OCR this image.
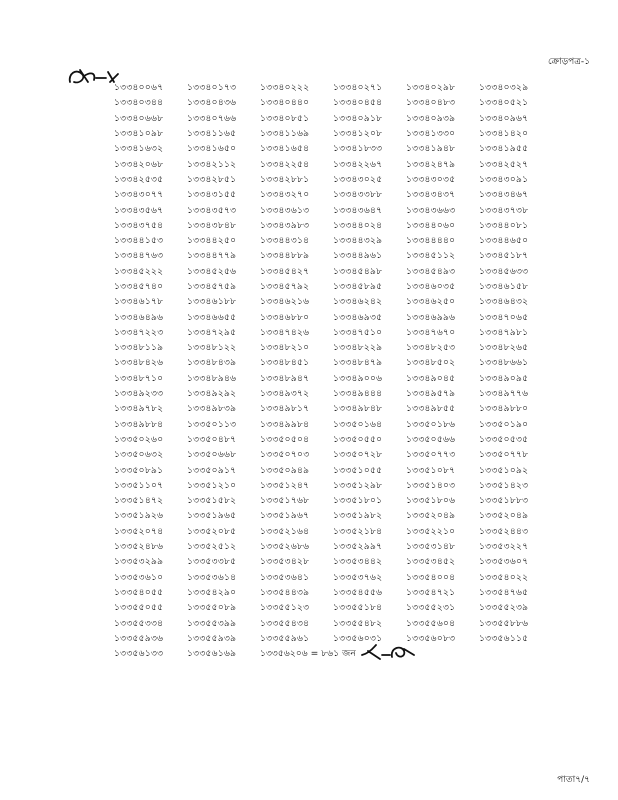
ক্রোড়পত্র-১
১৩৩৪০০৬৭	১৩৩৪০১৭৩	১৩৩৪০২২২	১৩৩৪০২৭১	১৩৩৪০২৯৮	১৩৩৪০৩২৯
১৩৩৪০৩৪৪	১৩৩৪০৪৩৬	১৩৩৪০৪৪০	১৩৩৪০৪৫৪	১৩৩৪০৪৮৩	১৩৩৪০৫২১
১৩৩৪০৬৬৮	১৩৩৪০৭৬৬	১৩৩৪০৮৫১	১৩৩৪০৯১৮	১৩৩৪০৯৩৯	১৩৩৪০৯৬৭
১৩৩৪১০৯৮	১৩৩৪১১৬৫	১৩৩৪১১৬৯	১৩৩৪১২০৮	১৩৩৪১৩৩০	১৩৩৪১৪২০
১৩৩৪১৬৩২	১৩৩৪১৬৫০	১৩৩৪১৬৫৪	১৩৩৪১৮৩৩	১৩৩৪১৯৪৮	১৩৩৪১৯৫৫
১৩৩৪২০৬৮	১৩৩৪২১১২	১৩৩৪২২৫৪	১৩৩৪২২৬৭	১৩৩৪২৪৭৯	১৩৩৪২৫২৭
১৩৩৪২৫৩৫	১৩৩৪২৮৫১	১৩৩৪২৮৮১	১৩৩৪৩০২৫	১৩৩৪৩০৩৫	১৩৩৪৩০৯১
১৩৩৪৩০৭৭	১৩৩৪৩১৫৫	১৩৩৪৩২৭০	১৩৩৪৩৩৮৮	১৩৩৪৩৪৩৭	১৩৩৪৩৪৬৭
১৩৩৪৩৫৬৭	১৩৩৪৩৫৭৩	১৩৩৪৩৬১৩	১৩৩৪৩৬৪৭	১৩৩৪৩৬৬৩	১৩৩৪৩৭৩৮
১৩৩৪৩৭৫৪	১৩৩৪৩৮৪৮	১৩৩৪৩৯৮৩	১৩৩৪৪০২৪	১৩৩৪৪০৬০	১৩৩৪৪০৮১
১৩৩৪৪১৫৩	১৩৩৪৪২৫০	১৩৩৪৪৩১৪	১৩৩৪৪৩২৯	১৩৩৪৪৪৪০	১৩৩৪৪৬৫০
১৩৩৪৪৭৬৩	১৩৩৪৪৭৭৯	১৩৩৪৪৮৮৯	১৩৩৪৪৯৬১	১৩৩৪৫১১২	১৩৩৪৫১৮৭
১৩৩৪৫২২২	১৩৩৪৫২৫৬	১৩৩৪৫৪২৭	১৩৩৪৫৪৯৮	১৩৩৪৫৪৯৩	১৩৩৪৫৬৩৩
১৩৩৪৫৭৪০	১৩৩৪৫৭৫৯	১৩৩৪৫৭৯২	১৩৩৪৫৮৯৫	১৩৩৪৬০৩৫	১৩৩৪৬১৫৮
১৩৩৪৬১৭৮	১৩৩৪৬১৮৮	১৩৩৪৬২১৬	১৩৩৪৬২৪২	১৩৩৪৬২৫০	১৩৩৪৬৪৩২
১৩৩৪৬৪৯৬	১৩৩৪৬৬৫৫	১৩৩৪৬৮৮০	১৩৩৪৬৯৩৫	১৩৩৪৬৯৯৬	১৩৩৪৭০৬৫
১৩৩৪৭২২৩	১৩৩৪৭২৯৫	১৩৩৪৭৪২৬	১৩৩৪৭৫১০	১৩৩৪৭৬৭০	১৩৩৪৭৯৮১
১৩৩৪৮১১৯	১৩৩৪৮১২২	১৩৩৪৮২১০	১৩৩৪৮২২৯	১৩৩৪৮২৫৩	১৩৩৪৮২৬৫
১৩৩৪৮৪২৬	১৩৩৪৮৪৩৯	১৩৩৪৮৪৫১	১৩৩৪৮৪৭৯	১৩৩৪৮৫০২	১৩৩৪৮৬৬১
১৩৩৪৮৭১০	১৩৩৪৮৯৪৬	১৩৩৪৮৯৪৭	১৩৩৪৯০০৬	১৩৩৪৯০৪৫	১৩৩৪৯০৯৫
১৩৩৪৯২৩৩	১৩৩৪৯২৯২	১৩৩৪৯৩৭২	১৩৩৪৯৪৪৪	১৩৩৪৯৫৭৯	১৩৩৪৯৭৭৬
১৩৩৪৯৭৮২	১৩৩৪৯৮৩৯	১৩৩৪৯৮১৭	১৩৩৪৯৮৪৮	১৩৩৪৯৮৫৫	১৩৩৪৯৮৮০
১৩৩৪৯৮৮৪	১৩৩৫০১১৩	১৩৩৪৯৯৮৪	১৩৩৫০১৬৪	১৩৩৫০১৮৬	১৩৩৫০১৯০
১৩৩৫০২৬০	১৩৩৫০৪৮৭	১৩৩৫০৫০৪	১৩৩৫০৫৫০	১৩৩৫০৫৬৬	১৩৩৫০৫৩৫
১৩৩৫০৬৩২	১৩৩৫০৬৬৮	১৩৩৫০৭০৩	১৩৩৫০৭২৮	১৩৩৫০৭৭৩	১৩৩৫০৭৭৮
১৩৩৫০৮৯১	১৩৩৫০৯১৭	১৩৩৫০৯৪৯	১৩৩৫১০৫৫	১৩৩৫১০৮৭	১৩৩৫১০৯২
১৩৩৫১১০৭	১৩৩৫১২১০	১৩৩৫১২৪৭	১৩৩৫১২৯৮	১৩৩৫১৪০৩	১৩৩৫১৪২৩
১৩৩৫১৪৭২	১৩৩৫১৫৮২	১৩৩৫১৭৬৮	১৩৩৫১৮০১	১৩৩৫১৮০৬	১৩৩৫১৮৮৩
১৩৩৫১৯২৬	১৩৩৫১৯৬৫	১৩৩৫১৯৬৭	১৩৩৫১৯৮২	১৩৩৫২০৪৯	১৩৩৫২০৪৯
১৩৩৫২০৭৪	১৩৩৫২০৮৫	১৩৩৫২১৬৪	১৩৩৫২১৮৪	১৩৩৫২২১০	১৩৩৫২৪৪৩
১৩৩৫২৪৮৬	১৩৩৫২৫১২	১৩৩৫২৬৮৬	১৩৩৫২৯৯৭	১৩৩৫৩১৪৮	১৩৩৫৩২২৭
১৩৩৫৩২৯৯	১৩৩৫৩৩৮৫	১৩৩৫৩৪২৮	১৩৩৫৩৪৪২	১৩৩৫৩৪৫২	১৩৩৫৩৬০৭
১৩৩৫৩৬১০	১৩৩৫৩৬১৪	১৩৩৫৩৬৪১	১৩৩৫৩৭৬২	১৩৩৫৪০০৪	১৩৩৫৪০২২
১৩৩৫৪০৫৫	১৩৩৫৪২৯০	১৩৩৫৪৪৩৯	১৩৩৫৪৫৫৬	১৩৩৫৪৭২১	১৩৩৫৪৭৬৫
১৩৩৫৫০৫৫	১৩৩৫৫০৮৯	১৩৩৫৫১২৩	১৩৩৫৫১৮৪	১৩৩৫৫২৩১	১৩৩৫৫২৩৯
১৩৩৫৫৩৩৪	১৩৩৫৫৩৯৯	১৩৩৫৫৪৩৪	১৩৩৫৫৪৮২	১৩৩৫৫৬০৪	১৩৩৫৫৮৮৬
১৩৩৫৫৯৩৬	১৩৩৫৫৯৩৯	১৩৩৫৫৯৬১	১৩৩৫৬০৩১	১৩৩৫৬০৮৩	১৩৩৫৬১১৫
১৩৩৫৬১৩৩	১৩৩৫৬১৬৯	১৩৩৫৬২০৬ = ৮৬১ জন
পাতা৭/৭
